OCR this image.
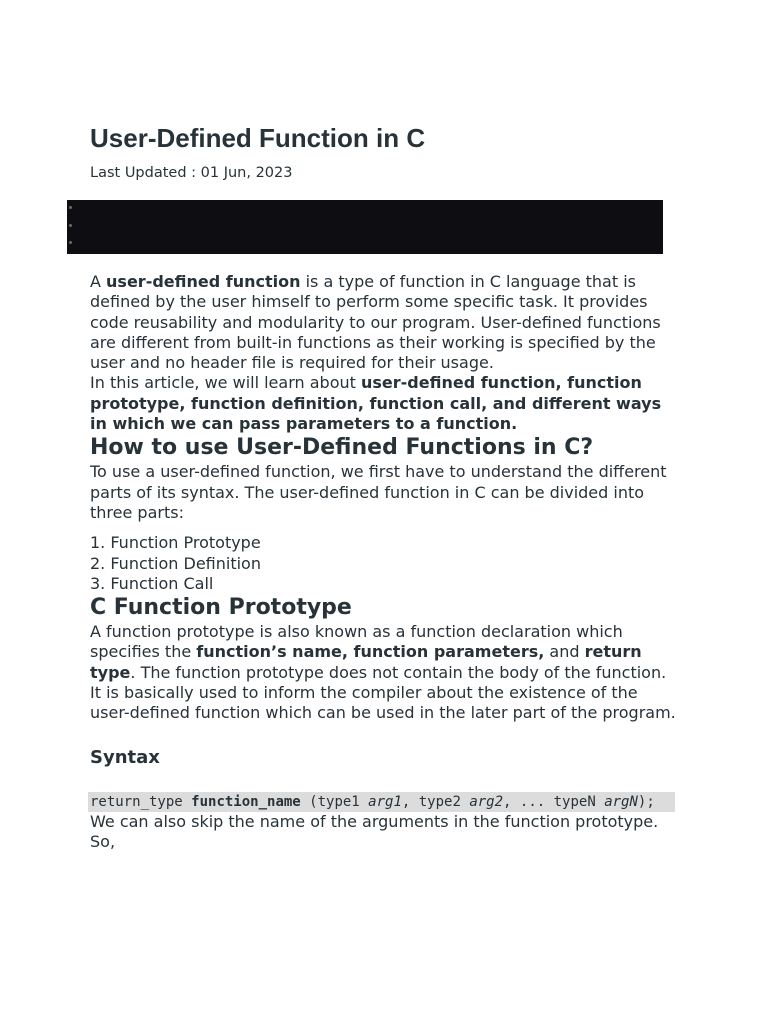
User-Defined Function in C
Last Updated : 01 Jun, 2023

A user-defined function is a type of function in C language that is defined by the user himself to perform some specific task. It provides code reusability and modularity to our program. User-defined functions are different from built-in functions as their working is specified by the user and no header file is required for their usage.

In this article, we will learn about user-defined function, function prototype, function definition, function call, and different ways in which we can pass parameters to a function.

How to use User-Defined Functions in C?

To use a user-defined function, we first have to understand the different parts of its syntax. The user-defined function in C can be divided into three parts:

1. Function Prototype
2. Function Definition
3. Function Call
C Function Prototype

A function prototype is also known as a function declaration which specifies the function’s name, function parameters, and return type. The function prototype does not contain the body of the function. It is basically used to inform the compiler about the existence of the user-defined function which can be used in the later part of the program.

Syntax
return_type function_name (type1 arg1, type2 arg2, ... typeN argN);

We can also skip the name of the arguments in the function prototype. So,
